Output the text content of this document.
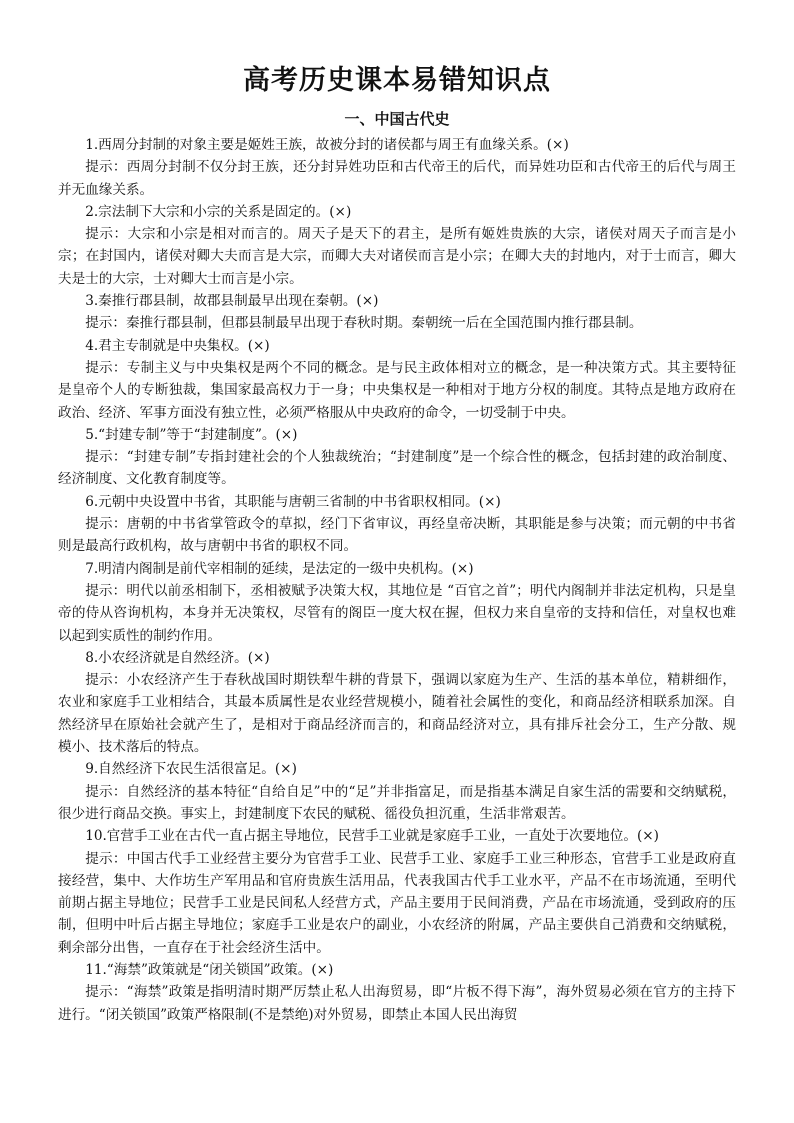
高考历史课本易错知识点
一、中国古代史

1.西周分封制的对象主要是姬姓王族，故被分封的诸侯都与周王有血缘关系。(×)

提示：西周分封制不仅分封王族，还分封异姓功臣和古代帝王的后代，而异姓功臣和古代帝王的后代与周王并无血缘关系。

2.宗法制下大宗和小宗的关系是固定的。(×)

提示：大宗和小宗是相对而言的。周天子是天下的君主，是所有姬姓贵族的大宗，诸侯对周天子而言是小宗；在封国内，诸侯对卿大夫而言是大宗，而卿大夫对诸侯而言是小宗；在卿大夫的封地内，对于士而言，卿大夫是士的大宗，士对卿大士而言是小宗。

3.秦推行郡县制，故郡县制最早出现在秦朝。(×)

提示：秦推行郡县制，但郡县制最早出现于春秋时期。秦朝统一后在全国范围内推行郡县制。

4.君主专制就是中央集权。(×)

提示：专制主义与中央集权是两个不同的概念。是与民主政体相对立的概念，是一种决策方式。其主要特征是皇帝个人的专断独裁，集国家最高权力于一身；中央集权是一种相对于地方分权的制度。其特点是地方政府在政治、经济、军事方面没有独立性，必须严格服从中央政府的命令，一切受制于中央。

5.“封建专制”等于“封建制度”。(×)

提示：“封建专制”专指封建社会的个人独裁统治；“封建制度”是一个综合性的概念，包括封建的政治制度、经济制度、文化教育制度等。

6.元朝中央设置中书省，其职能与唐朝三省制的中书省职权相同。(×)

提示：唐朝的中书省掌管政令的草拟，经门下省审议，再经皇帝决断，其职能是参与决策；而元朝的中书省则是最高行政机构，故与唐朝中书省的职权不同。

7.明清内阁制是前代宰相制的延续，是法定的一级中央机构。(×)

提示：明代以前丞相制下，丞相被赋予决策大权，其地位是 “百官之首”；明代内阁制并非法定机构，只是皇帝的侍从咨询机构，本身并无决策权，尽管有的阁臣一度大权在握，但权力来自皇帝的支持和信任，对皇权也难以起到实质性的制约作用。

8.小农经济就是自然经济。(×)

提示：小农经济产生于春秋战国时期铁犁牛耕的背景下，强调以家庭为生产、生活的基本单位，精耕细作，农业和家庭手工业相结合，其最本质属性是农业经营规模小，随着社会属性的变化，和商品经济相联系加深。自然经济早在原始社会就产生了，是相对于商品经济而言的，和商品经济对立，具有排斥社会分工，生产分散、规模小、技术落后的特点。

9.自然经济下农民生活很富足。(×)

提示：自然经济的基本特征“自给自足”中的“足”并非指富足，而是指基本满足自家生活的需要和交纳赋税，很少进行商品交换。事实上，封建制度下农民的赋税、徭役负担沉重，生活非常艰苦。

10.官营手工业在古代一直占据主导地位，民营手工业就是家庭手工业，一直处于次要地位。(×)

提示：中国古代手工业经营主要分为官营手工业、民营手工业、家庭手工业三种形态，官营手工业是政府直接经营，集中、大作坊生产军用品和官府贵族生活用品，代表我国古代手工业水平，产品不在市场流通，至明代前期占据主导地位；民营手工业是民间私人经营方式，产品主要用于民间消费，产品在市场流通，受到政府的压制，但明中叶后占据主导地位；家庭手工业是农户的副业，小农经济的附属，产品主要供自己消费和交纳赋税，剩余部分出售，一直存在于社会经济生活中。

11.“海禁”政策就是“闭关锁国”政策。(×)

提示：“海禁”政策是指明清时期严厉禁止私人出海贸易，即“片板不得下海”，海外贸易必须在官方的主持下进行。“闭关锁国”政策严格限制(不是禁绝)对外贸易，即禁止本国人民出海贸
